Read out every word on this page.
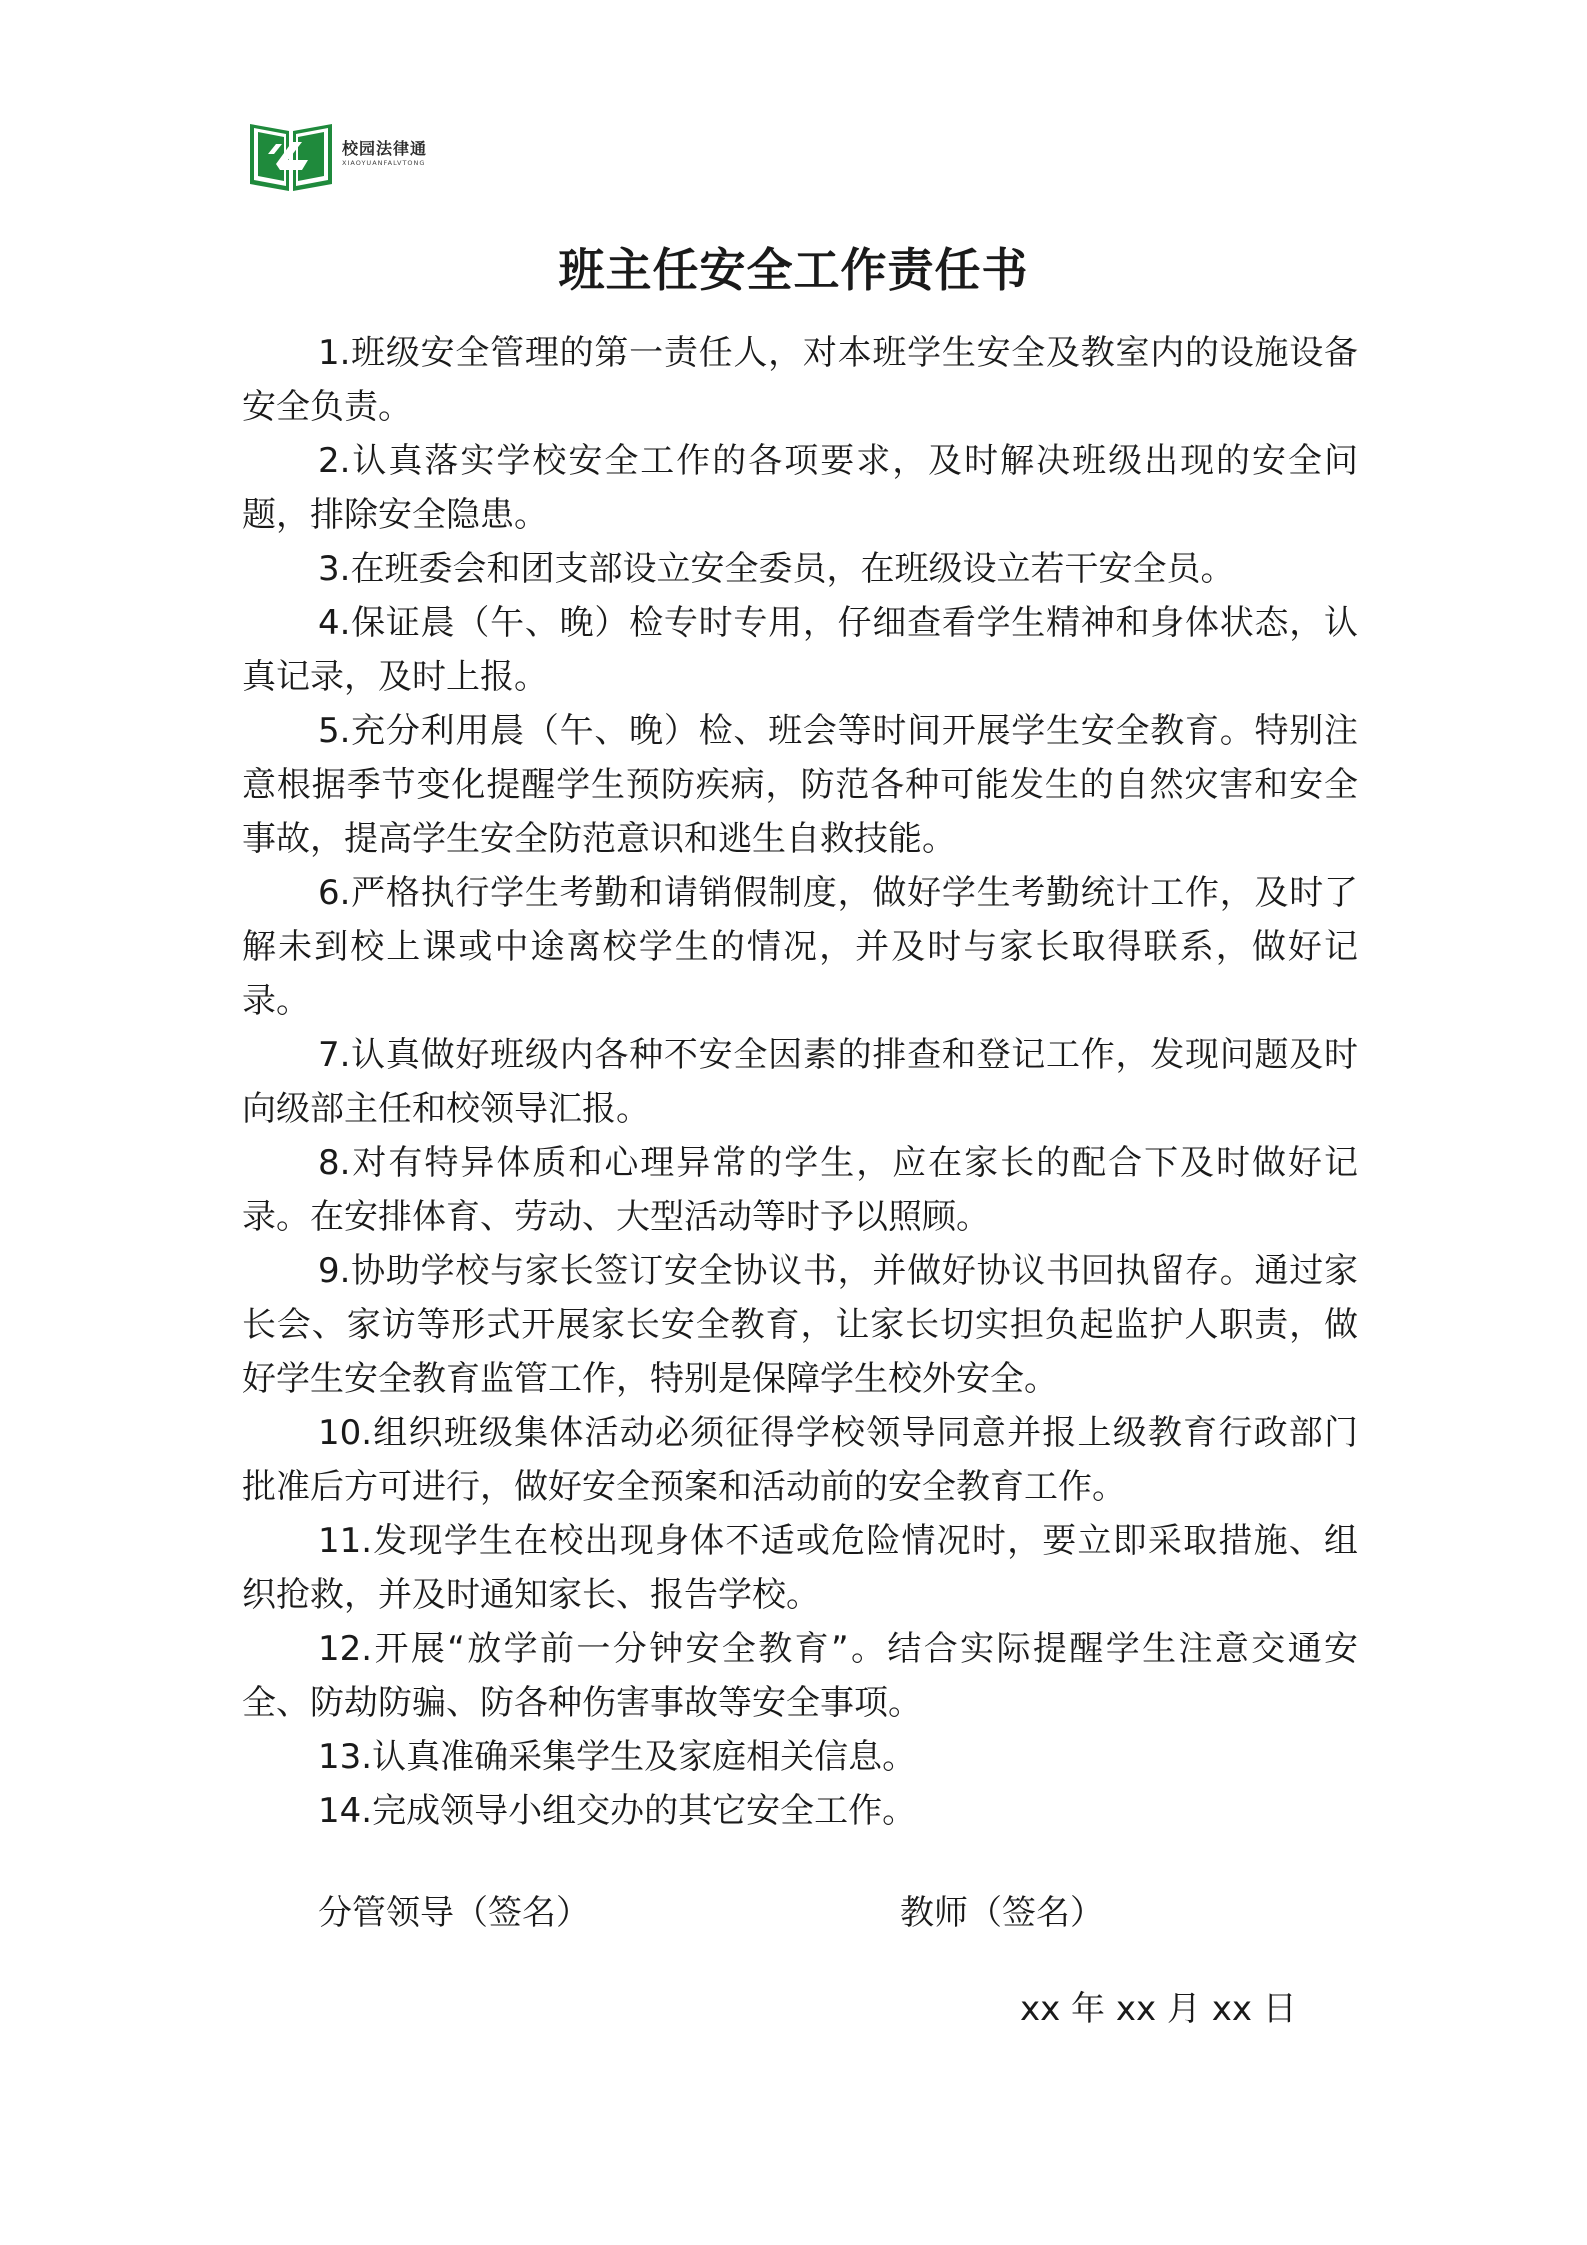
校园法律通
XIAOYUANFALVTONG
班主任安全工作责任书

1.班级安全管理的第一责任人，对本班学生安全及教室内的设施设备安全负责。

2.认真落实学校安全工作的各项要求，及时解决班级出现的安全问题，排除安全隐患。

3.在班委会和团支部设立安全委员，在班级设立若干安全员。

4.保证晨（午、晚）检专时专用，仔细查看学生精神和身体状态，认真记录，及时上报。

5.充分利用晨（午、晚）检、班会等时间开展学生安全教育。特别注意根据季节变化提醒学生预防疾病，防范各种可能发生的自然灾害和安全事故，提高学生安全防范意识和逃生自救技能。

6.严格执行学生考勤和请销假制度，做好学生考勤统计工作，及时了解未到校上课或中途离校学生的情况，并及时与家长取得联系，做好记录。

7.认真做好班级内各种不安全因素的排查和登记工作，发现问题及时向级部主任和校领导汇报。

8.对有特异体质和心理异常的学生，应在家长的配合下及时做好记录。在安排体育、劳动、大型活动等时予以照顾。

9.协助学校与家长签订安全协议书，并做好协议书回执留存。通过家长会、家访等形式开展家长安全教育，让家长切实担负起监护人职责，做好学生安全教育监管工作，特别是保障学生校外安全。

10.组织班级集体活动必须征得学校领导同意并报上级教育行政部门批准后方可进行，做好安全预案和活动前的安全教育工作。

11.发现学生在校出现身体不适或危险情况时，要立即采取措施、组织抢救，并及时通知家长、报告学校。

12.开展“放学前一分钟安全教育”。结合实际提醒学生注意交通安全、防劫防骗、防各种伤害事故等安全事项。

13.认真准确采集学生及家庭相关信息。

14.完成领导小组交办的其它安全工作。

分管领导（签名）	教师（签名）
xx 年 xx 月 xx 日
